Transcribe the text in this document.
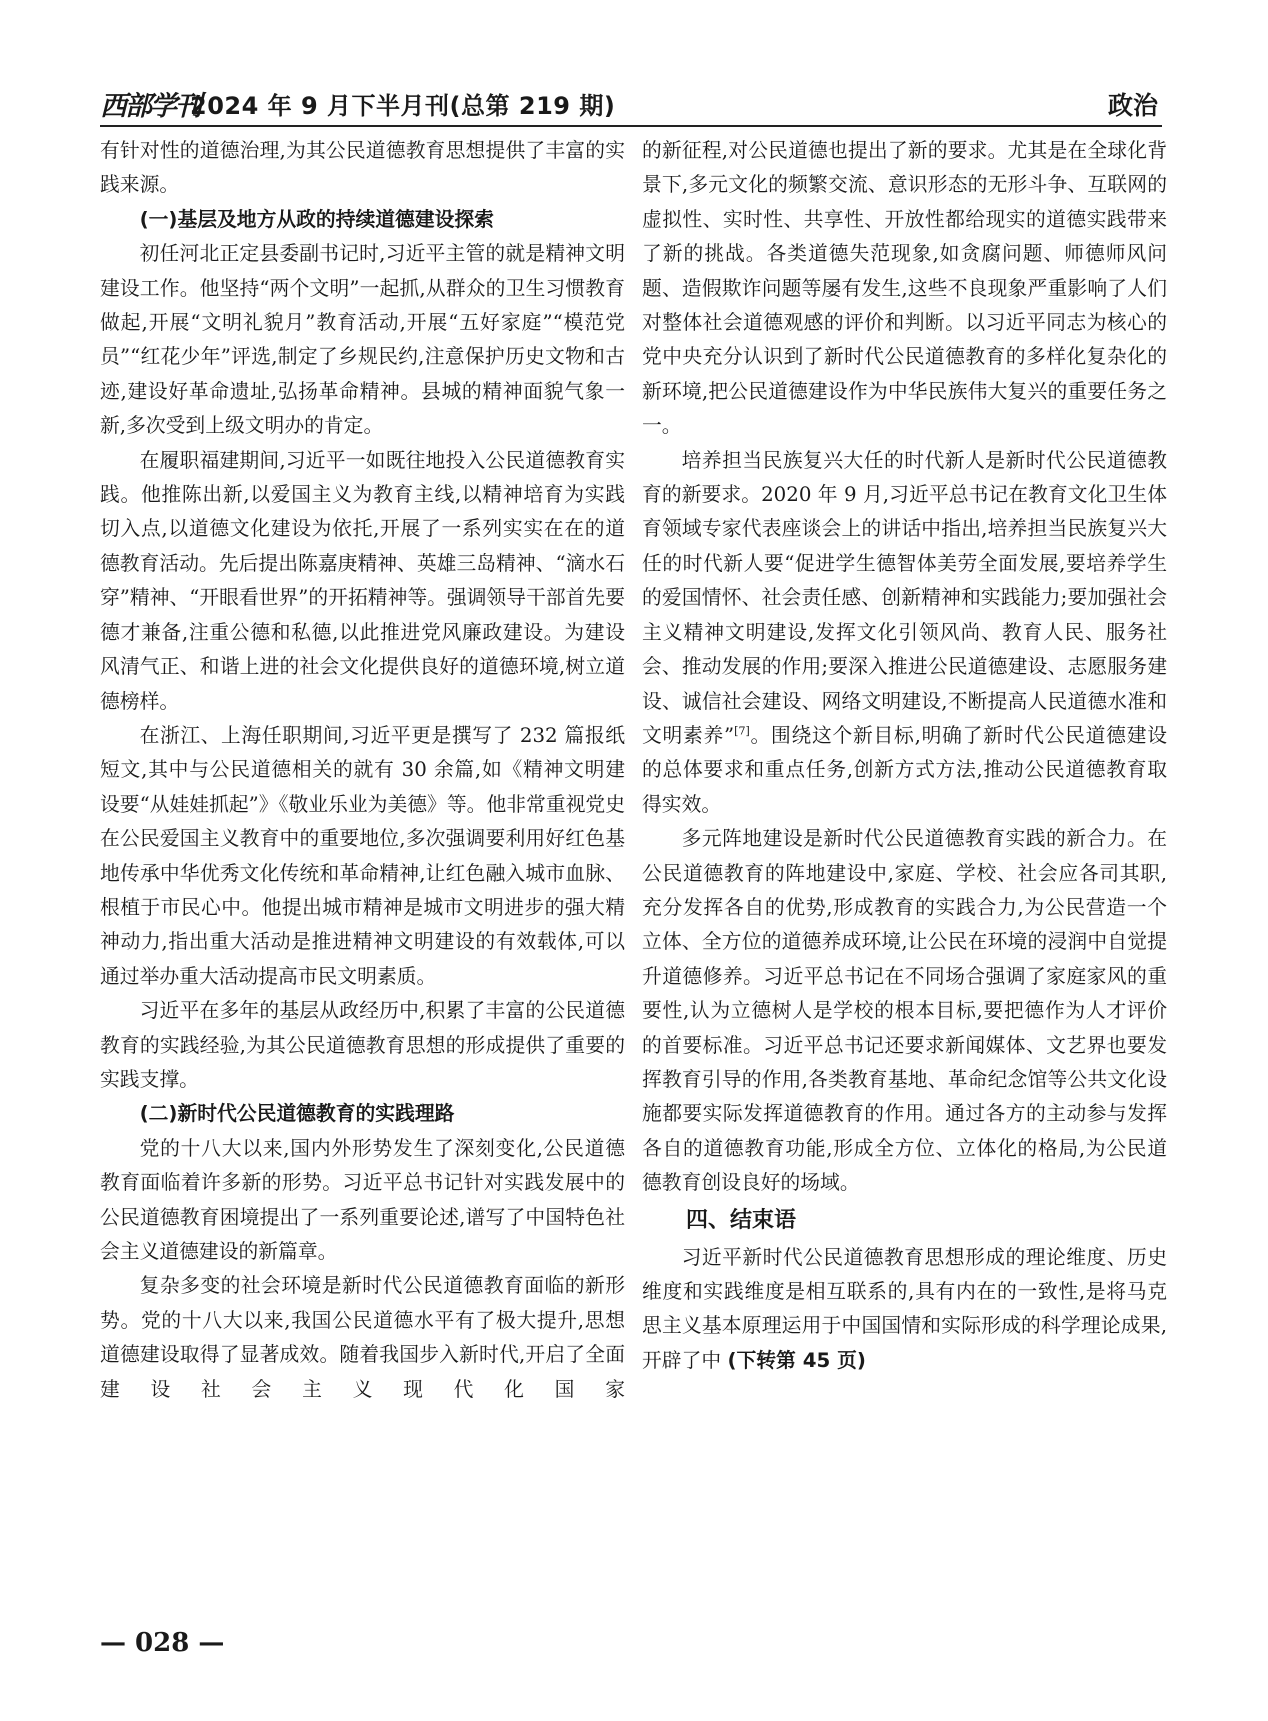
西部学刊
2024 年 9 月下半月刊(总第 219 期)	政治

有针对性的道德治理,为其公民道德教育思想提供了丰富的实践来源。

(一)基层及地方从政的持续道德建设探索

初任河北正定县委副书记时,习近平主管的就是精神文明建设工作。他坚持“两个文明”一起抓,从群众的卫生习惯教育做起,开展“文明礼貌月”教育活动,开展“五好家庭”“模范党员”“红花少年”评选,制定了乡规民约,注意保护历史文物和古迹,建设好革命遗址,弘扬革命精神。县城的精神面貌气象一新,多次受到上级文明办的肯定。

在履职福建期间,习近平一如既往地投入公民道德教育实践。他推陈出新,以爱国主义为教育主线,以精神培育为实践切入点,以道德文化建设为依托,开展了一系列实实在在的道德教育活动。先后提出陈嘉庚精神、英雄三岛精神、“滴水石穿”精神、“开眼看世界”的开拓精神等。强调领导干部首先要德才兼备,注重公德和私德,以此推进党风廉政建设。为建设风清气正、和谐上进的社会文化提供良好的道德环境,树立道德榜样。

在浙江、上海任职期间,习近平更是撰写了 232 篇报纸短文,其中与公民道德相关的就有 30 余篇,如《精神文明建设要“从娃娃抓起”》《敬业乐业为美德》等。他非常重视党史在公民爱国主义教育中的重要地位,多次强调要利用好红色基地传承中华优秀文化传统和革命精神,让红色融入城市血脉、根植于市民心中。他提出城市精神是城市文明进步的强大精神动力,指出重大活动是推进精神文明建设的有效载体,可以通过举办重大活动提高市民文明素质。

习近平在多年的基层从政经历中,积累了丰富的公民道德教育的实践经验,为其公民道德教育思想的形成提供了重要的实践支撑。

(二)新时代公民道德教育的实践理路

党的十八大以来,国内外形势发生了深刻变化,公民道德教育面临着许多新的形势。习近平总书记针对实践发展中的公民道德教育困境提出了一系列重要论述,谱写了中国特色社会主义道德建设的新篇章。

复杂多变的社会环境是新时代公民道德教育面临的新形势。党的十八大以来,我国公民道德水平有了极大提升,思想道德建设取得了显著成效。随着我国步入新时代,开启了全面建设社会主义现代化国家

的新征程,对公民道德也提出了新的要求。尤其是在全球化背景下,多元文化的频繁交流、意识形态的无形斗争、互联网的虚拟性、实时性、共享性、开放性都给现实的道德实践带来了新的挑战。各类道德失范现象,如贪腐问题、师德师风问题、造假欺诈问题等屡有发生,这些不良现象严重影响了人们对整体社会道德观感的评价和判断。以习近平同志为核心的党中央充分认识到了新时代公民道德教育的多样化复杂化的新环境,把公民道德建设作为中华民族伟大复兴的重要任务之一。

培养担当民族复兴大任的时代新人是新时代公民道德教育的新要求。2020 年 9 月,习近平总书记在教育文化卫生体育领域专家代表座谈会上的讲话中指出,培养担当民族复兴大任的时代新人要“促进学生德智体美劳全面发展,要培养学生的爱国情怀、社会责任感、创新精神和实践能力;要加强社会主义精神文明建设,发挥文化引领风尚、教育人民、服务社会、推动发展的作用;要深入推进公民道德建设、志愿服务建设、诚信社会建设、网络文明建设,不断提高人民道德水准和文明素养”[7]。围绕这个新目标,明确了新时代公民道德建设的总体要求和重点任务,创新方式方法,推动公民道德教育取得实效。

多元阵地建设是新时代公民道德教育实践的新合力。在公民道德教育的阵地建设中,家庭、学校、社会应各司其职,充分发挥各自的优势,形成教育的实践合力,为公民营造一个立体、全方位的道德养成环境,让公民在环境的浸润中自觉提升道德修养。习近平总书记在不同场合强调了家庭家风的重要性,认为立德树人是学校的根本目标,要把德作为人才评价的首要标准。习近平总书记还要求新闻媒体、文艺界也要发挥教育引导的作用,各类教育基地、革命纪念馆等公共文化设施都要实际发挥道德教育的作用。通过各方的主动参与发挥各自的道德教育功能,形成全方位、立体化的格局,为公民道德教育创设良好的场域。

四、结束语

习近平新时代公民道德教育思想形成的理论维度、历史维度和实践维度是相互联系的,具有内在的一致性,是将马克思主义基本原理运用于中国国情和实际形成的科学理论成果,开辟了中 (下转第 45 页)

— 028 —
